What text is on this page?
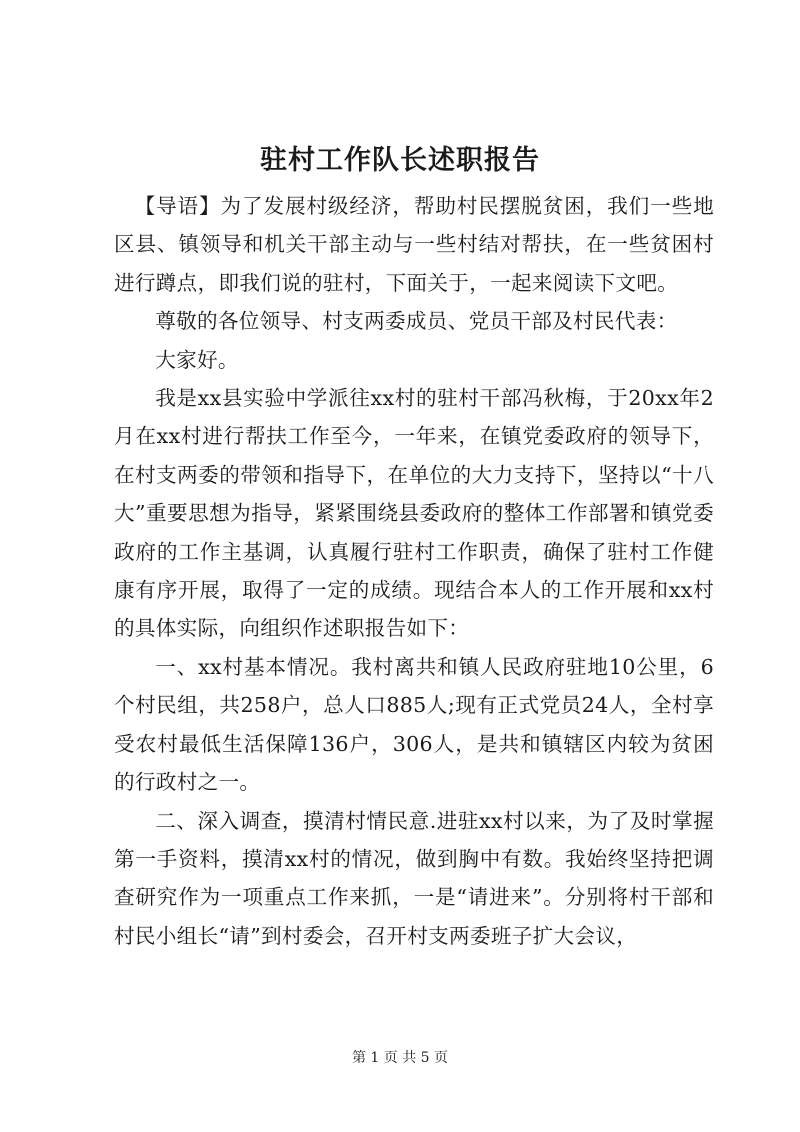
驻村工作队长述职报告

【导语】为了发展村级经济，帮助村民摆脱贫困，我们一些地区县、镇领导和机关干部主动与一些村结对帮扶，在一些贫困村进行蹲点，即我们说的驻村，下面关于，一起来阅读下文吧。

尊敬的各位领导、村支两委成员、党员干部及村民代表：

大家好。

我是xx县实验中学派往xx村的驻村干部冯秋梅，于20xx年2月在xx村进行帮扶工作至今，一年来，在镇党委政府的领导下，在村支两委的带领和指导下，在单位的大力支持下，坚持以“十八大”重要思想为指导，紧紧围绕县委政府的整体工作部署和镇党委政府的工作主基调，认真履行驻村工作职责，确保了驻村工作健康有序开展，取得了一定的成绩。现结合本人的工作开展和xx村的具体实际，向组织作述职报告如下：

一、xx村基本情况。我村离共和镇人民政府驻地10公里，6个村民组，共258户，总人口885人;现有正式党员24人，全村享受农村最低生活保障136户，306人，是共和镇辖区内较为贫困的行政村之一。

二、深入调查，摸清村情民意.进驻xx村以来，为了及时掌握第一手资料，摸清xx村的情况，做到胸中有数。我始终坚持把调查研究作为一项重点工作来抓，一是“请进来”。分别将村干部和村民小组长“请”到村委会，召开村支两委班子扩大会议，

第 1 页 共 5 页
